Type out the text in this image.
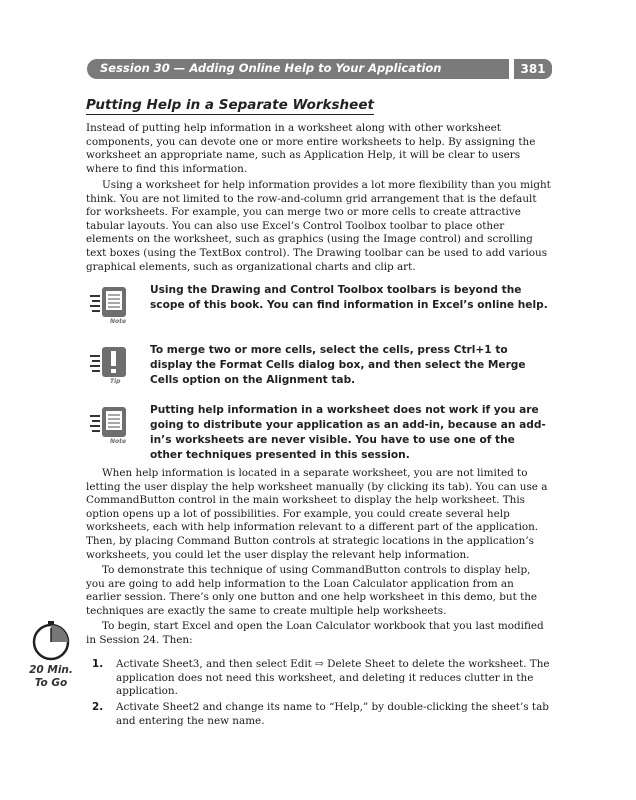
Session 30 — Adding Online Help to Your Application	381
Putting Help in a Separate Worksheet

Instead of putting help information in a worksheet along with other worksheet components, you can devote one or more entire worksheets to help. By assigning the worksheet an appropriate name, such as Application Help, it will be clear to users where to find this information.

Using a worksheet for help information provides a lot more flexibility than you might think. You are not limited to the row-and-column grid arrangement that is the default for worksheets. For example, you can merge two or more cells to create attractive tabular layouts. You can also use Excel’s Control Toolbox toolbar to place other elements on the worksheet, such as graphics (using the Image control) and scrolling text boxes (using the TextBox control). The Drawing toolbar can be used to add various graphical elements, such as organizational charts and clip art.

Note

Using the Drawing and Control Toolbox toolbars is beyond the scope of this book. You can find information in Excel’s online help.

Tip

To merge two or more cells, select the cells, press Ctrl+1 to display the Format Cells dialog box, and then select the Merge Cells option on the Alignment tab.

Note

Putting help information in a worksheet does not work if you are going to distribute your application as an add-in, because an add-in’s worksheets are never visible. You have to use one of the other techniques presented in this session.

When help information is located in a separate worksheet, you are not limited to letting the user display the help worksheet manually (by clicking its tab). You can use a CommandButton control in the main worksheet to display the help worksheet. This option opens up a lot of possibilities. For example, you could create several help worksheets, each with help information relevant to a different part of the application. Then, by placing Command Button controls at strategic locations in the application’s worksheets, you could let the user display the relevant help information.

To demonstrate this technique of using CommandButton controls to display help, you are going to add help information to the Loan Calculator application from an earlier session. There’s only one button and one help worksheet in this demo, but the techniques are exactly the same to create multiple help worksheets.

To begin, start Excel and open the Loan Calculator workbook that you last modified in Session 24. Then:

20 Min.
To Go
1. Activate Sheet3, and then select Edit ⇨ Delete Sheet to delete the worksheet. The application does not need this worksheet, and deleting it reduces clutter in the application.
2. Activate Sheet2 and change its name to “Help,” by double-clicking the sheet’s tab and entering the new name.
